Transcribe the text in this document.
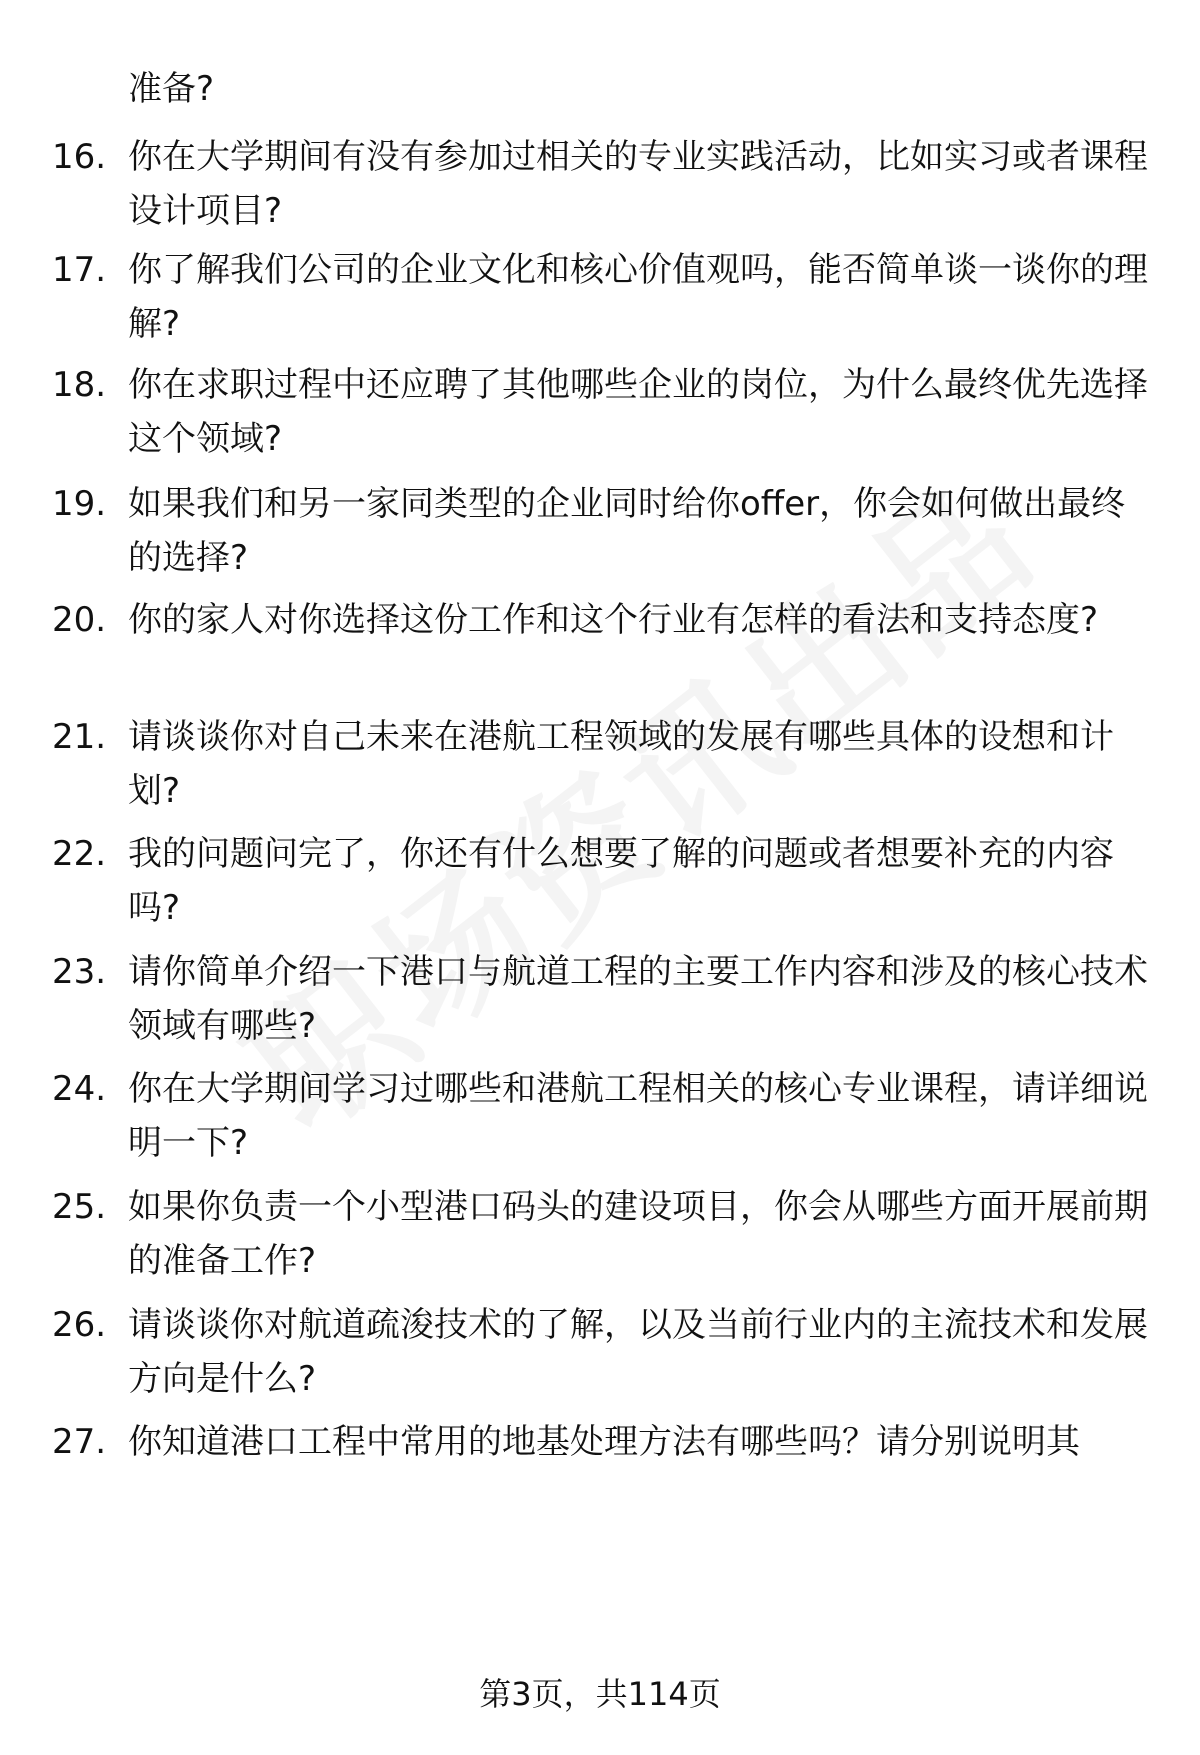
准备?
16. 你在大学期间有没有参加过相关的专业实践活动，比如实习或者课程设计项目?
17. 你了解我们公司的企业文化和核心价值观吗，能否简单谈一谈你的理解?
18. 你在求职过程中还应聘了其他哪些企业的岗位，为什么最终优先选择这个领域?
19. 如果我们和另一家同类型的企业同时给你offer，你会如何做出最终的选择?
20. 你的家人对你选择这份工作和这个行业有怎样的看法和支持态度?
21. 请谈谈你对自己未来在港航工程领域的发展有哪些具体的设想和计划?
22. 我的问题问完了，你还有什么想要了解的问题或者想要补充的内容吗?
23. 请你简单介绍一下港口与航道工程的主要工作内容和涉及的核心技术领域有哪些?
24. 你在大学期间学习过哪些和港航工程相关的核心专业课程，请详细说明一下?
25. 如果你负责一个小型港口码头的建设项目，你会从哪些方面开展前期的准备工作?
26. 请谈谈你对航道疏浚技术的了解，以及当前行业内的主流技术和发展方向是什么?
27. 你知道港口工程中常用的地基处理方法有哪些吗？请分别说明其
第3页，共114页
